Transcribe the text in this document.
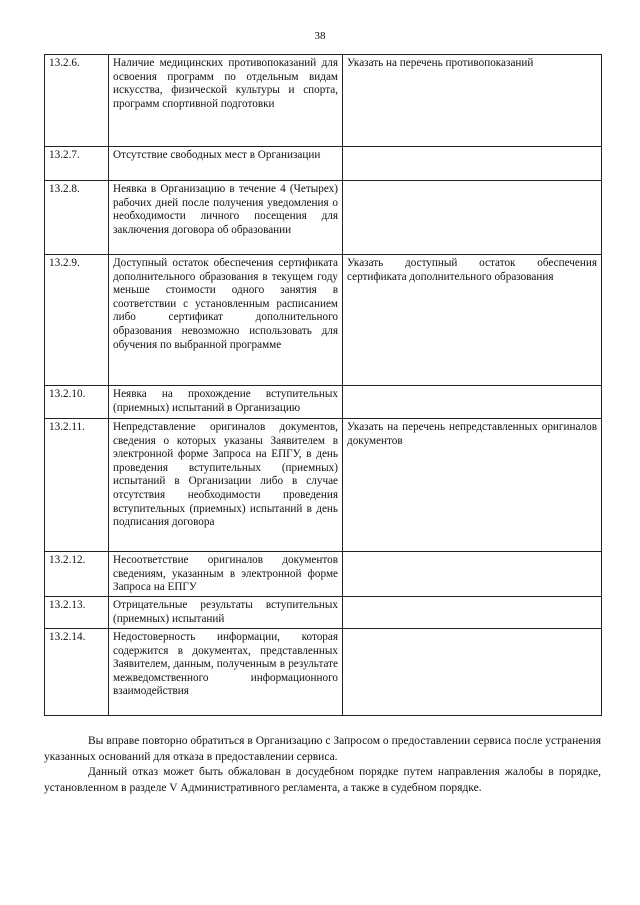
38
13.2.6.	Наличие медицинских противопоказаний для освоения программ по отдельным видам искусства, физической культуры и спорта, программ спортивной подготовки	Указать на перечень противопоказаний
13.2.7.	Отсутствие свободных мест в Организации	
13.2.8.	Неявка в Организацию в течение 4 (Четырех) рабочих дней после получения уведомления о необходимости личного посещения для заключения договора об образовании	
13.2.9.	Доступный остаток обеспечения сертификата дополнительного образования в текущем году меньше стоимости одного занятия в соответствии с установленным расписанием либо сертификат дополнительного образования невозможно использовать для обучения по выбранной программе	Указать доступный остаток обеспечения сертификата дополнительного образования
13.2.10.	Неявка на прохождение вступительных (приемных) испытаний в Организацию	
13.2.11.	Непредставление оригиналов документов, сведения о которых указаны Заявителем в электронной форме Запроса на ЕПГУ, в день проведения вступительных (приемных) испытаний в Организации либо в случае отсутствия необходимости проведения вступительных (приемных) испытаний в день подписания договора	Указать на перечень непредставленных оригиналов документов
13.2.12.	Несоответствие оригиналов документов сведениям, указанным в электронной форме Запроса на ЕПГУ	
13.2.13.	Отрицательные результаты вступительных (приемных) испытаний	
13.2.14.	Недостоверность информации, которая содержится в документах, представленных Заявителем, данным, полученным в результате межведомственного информационного взаимодействия	

Вы вправе повторно обратиться в Организацию с Запросом о предоставлении сервиса после устранения указанных оснований для отказа в предоставлении сервиса.

Данный отказ может быть обжалован в досудебном порядке путем направления жалобы в порядке, установленном в разделе V Административного регламента, а также в судебном порядке.
